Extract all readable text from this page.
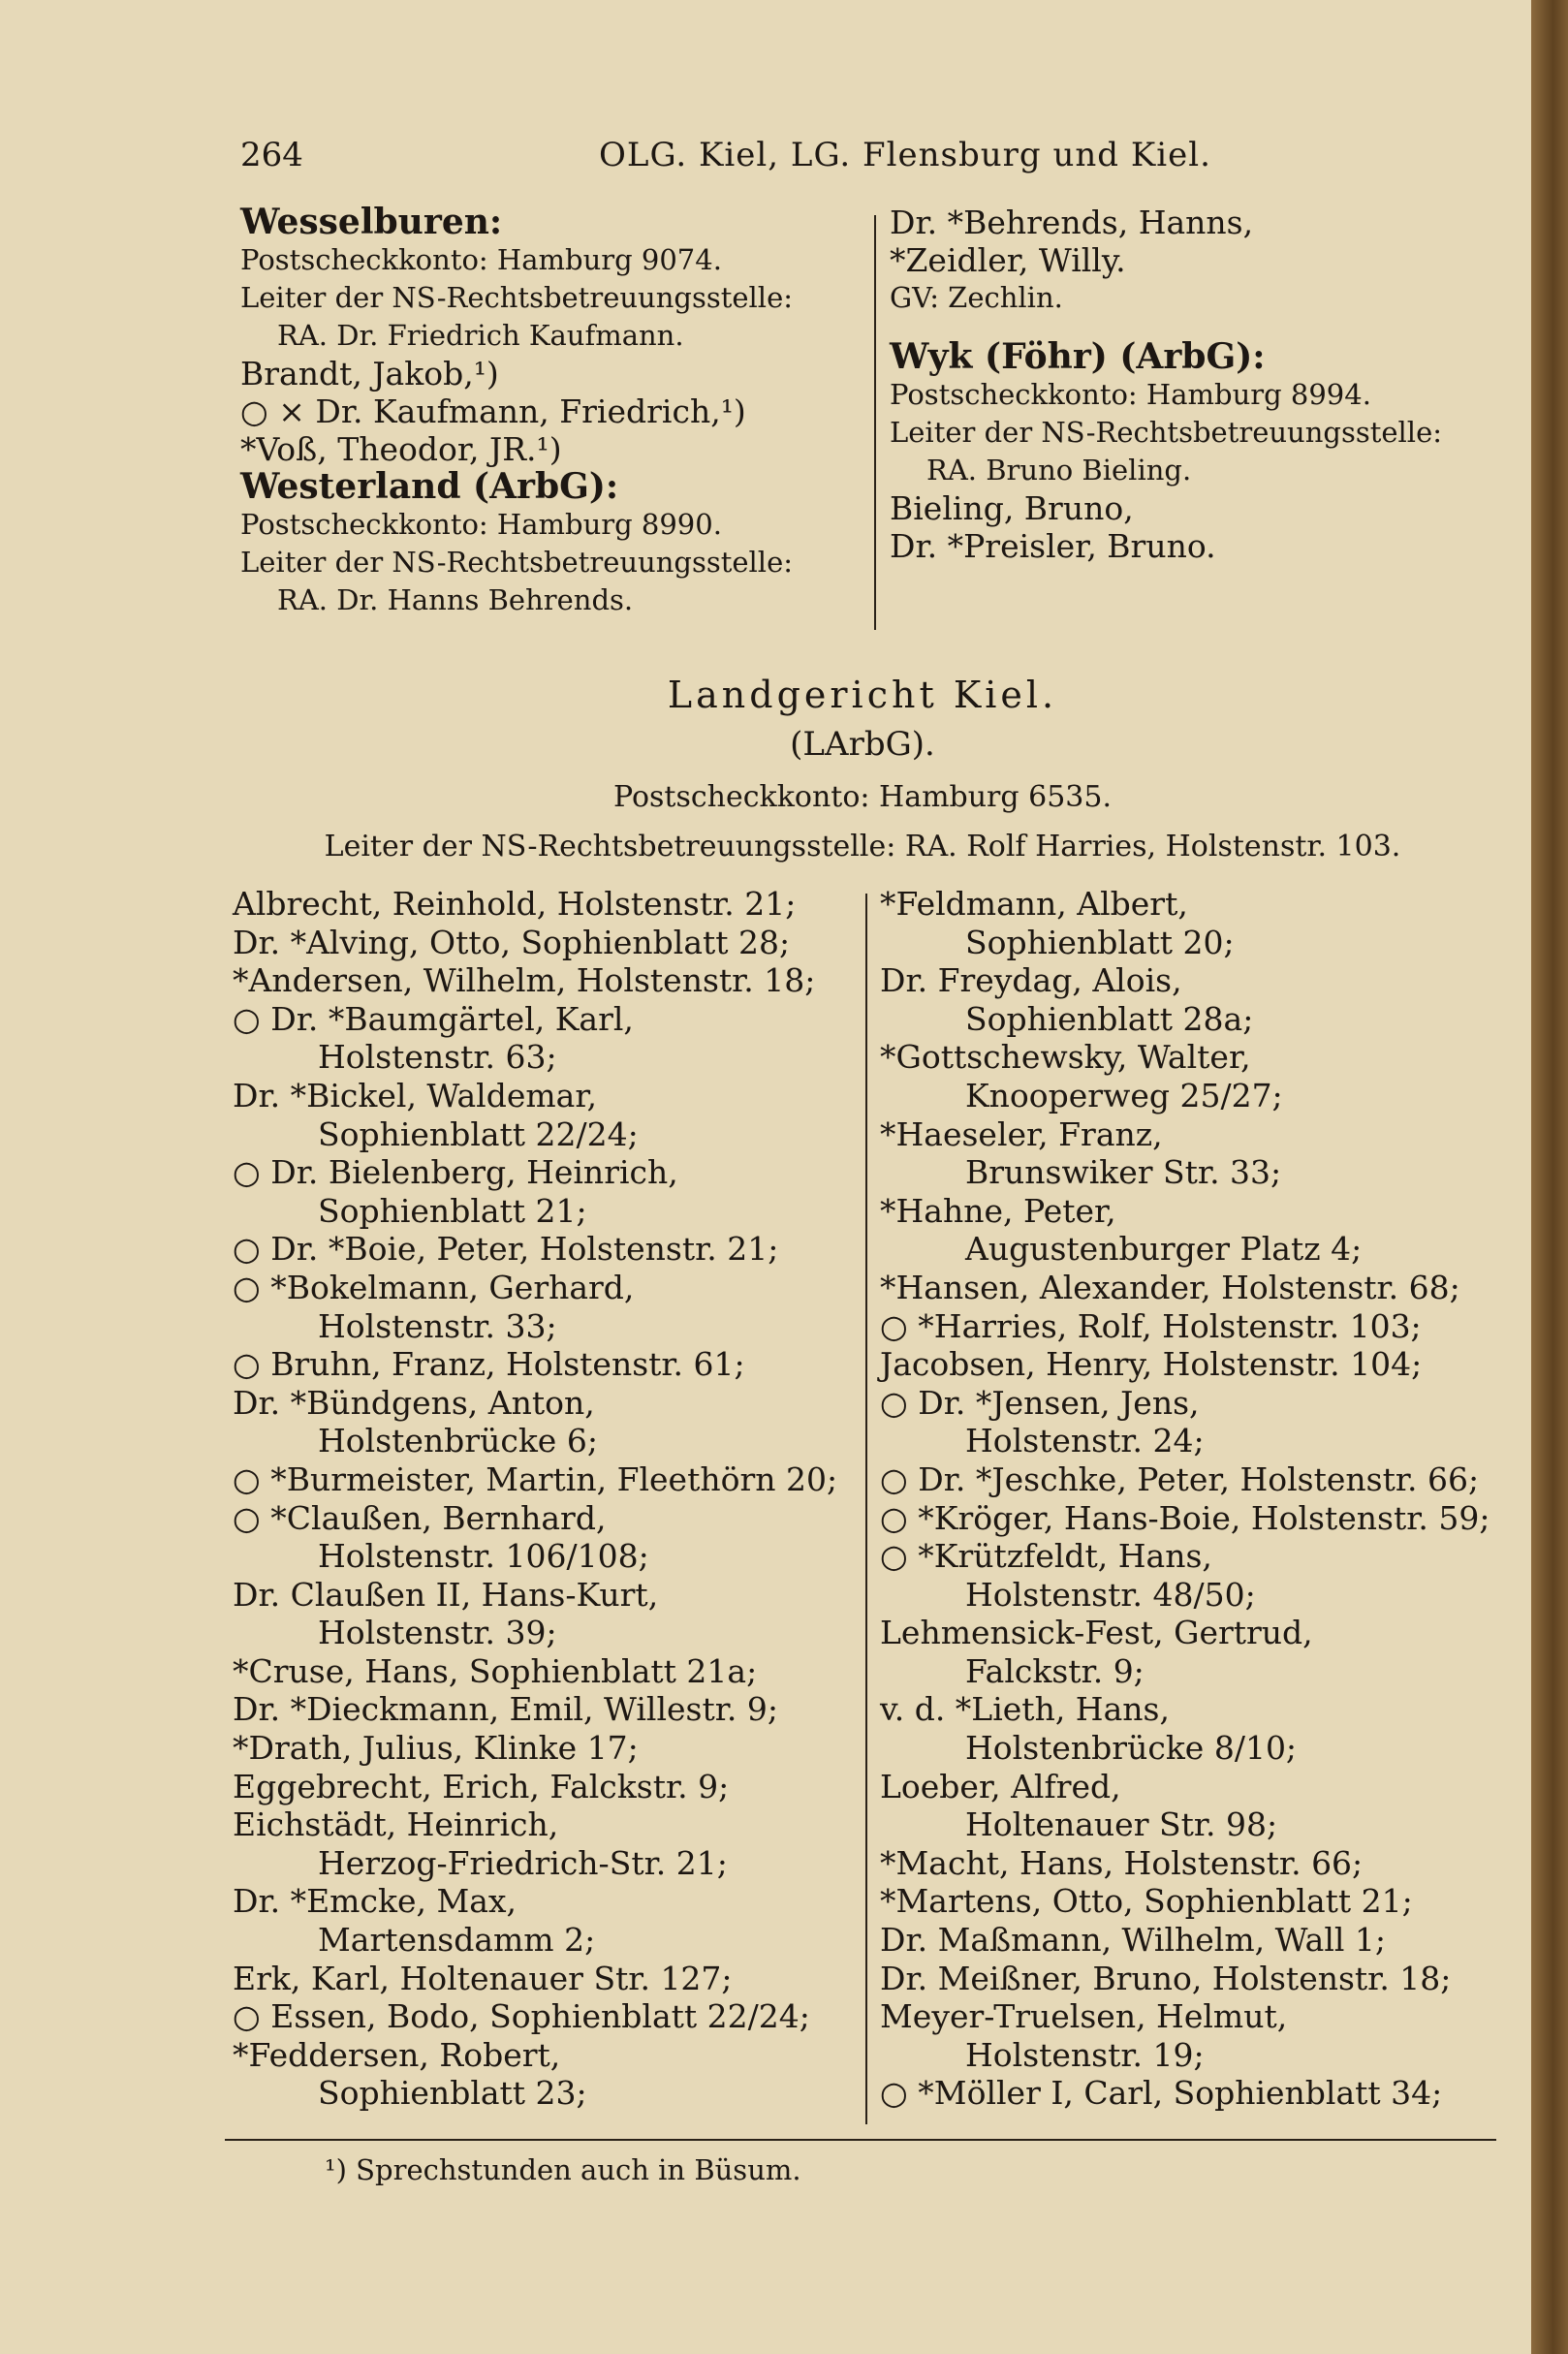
264	OLG. Kiel, LG. Flensburg und Kiel.
Wesselburen:
Postscheckkonto: Hamburg 9074.
Leiter der NS-Rechtsbetreuungsstelle:
RA. Dr. Friedrich Kaufmann.
Brandt, Jakob,¹)
○ × Dr. Kaufmann, Friedrich,¹)
*Voß, Theodor, JR.¹)
Westerland (ArbG):
Postscheckkonto: Hamburg 8990.
Leiter der NS-Rechtsbetreuungsstelle:
RA. Dr. Hanns Behrends.
Dr. *Behrends, Hanns,
*Zeidler, Willy.
GV: Zechlin.
Wyk (Föhr) (ArbG):
Postscheckkonto: Hamburg 8994.
Leiter der NS-Rechtsbetreuungsstelle:
RA. Bruno Bieling.
Bieling, Bruno,
Dr. *Preisler, Bruno.
Landgericht Kiel.
(LArbG).
Postscheckkonto: Hamburg 6535.
Leiter der NS-Rechtsbetreuungsstelle: RA. Rolf Harries, Holstenstr. 103.
Albrecht, Reinhold, Holstenstr. 21;
Dr. *Alving, Otto, Sophienblatt 28;
*Andersen, Wilhelm, Holstenstr. 18;
○ Dr. *Baumgärtel, Karl,
Holstenstr. 63;
Dr. *Bickel, Waldemar,
Sophienblatt 22/24;
○ Dr. Bielenberg, Heinrich,
Sophienblatt 21;
○ Dr. *Boie, Peter, Holstenstr. 21;
○ *Bokelmann, Gerhard,
Holstenstr. 33;
○ Bruhn, Franz, Holstenstr. 61;
Dr. *Bündgens, Anton,
Holstenbrücke 6;
○ *Burmeister, Martin, Fleethörn 20;
○ *Claußen, Bernhard,
Holstenstr. 106/108;
Dr. Claußen II, Hans-Kurt,
Holstenstr. 39;
*Cruse, Hans, Sophienblatt 21a;
Dr. *Dieckmann, Emil, Willestr. 9;
*Drath, Julius, Klinke 17;
Eggebrecht, Erich, Falckstr. 9;
Eichstädt, Heinrich,
Herzog-Friedrich-Str. 21;
Dr. *Emcke, Max,
Martensdamm 2;
Erk, Karl, Holtenauer Str. 127;
○ Essen, Bodo, Sophienblatt 22/24;
*Feddersen, Robert,
Sophienblatt 23;
*Feldmann, Albert,
Sophienblatt 20;
Dr. Freydag, Alois,
Sophienblatt 28a;
*Gottschewsky, Walter,
Knooperweg 25/27;
*Haeseler, Franz,
Brunswiker Str. 33;
*Hahne, Peter,
Augustenburger Platz 4;
*Hansen, Alexander, Holstenstr. 68;
○ *Harries, Rolf, Holstenstr. 103;
Jacobsen, Henry, Holstenstr. 104;
○ Dr. *Jensen, Jens,
Holstenstr. 24;
○ Dr. *Jeschke, Peter, Holstenstr. 66;
○ *Kröger, Hans-Boie, Holstenstr. 59;
○ *Krützfeldt, Hans,
Holstenstr. 48/50;
Lehmensick-Fest, Gertrud,
Falckstr. 9;
v. d. *Lieth, Hans,
Holstenbrücke 8/10;
Loeber, Alfred,
Holtenauer Str. 98;
*Macht, Hans, Holstenstr. 66;
*Martens, Otto, Sophienblatt 21;
Dr. Maßmann, Wilhelm, Wall 1;
Dr. Meißner, Bruno, Holstenstr. 18;
Meyer-Truelsen, Helmut,
Holstenstr. 19;
○ *Möller I, Carl, Sophienblatt 34;
¹) Sprechstunden auch in Büsum.
